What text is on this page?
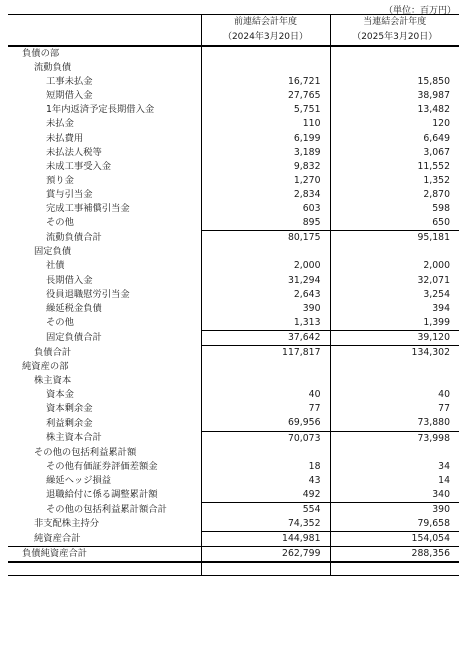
（単位：百万円）
	前連結会計年度	当連結会計年度
	（2024年3月20日）	（2025年3月20日）
負債の部		
流動負債		
工事未払金	16,721	15,850
短期借入金	27,765	38,987
1年内返済予定長期借入金	5,751	13,482
未払金	110	120
未払費用	6,199	6,649
未払法人税等	3,189	3,067
未成工事受入金	9,832	11,552
預り金	1,270	1,352
賞与引当金	2,834	2,870
完成工事補償引当金	603	598
その他	895	650
流動負債合計	80,175	95,181
固定負債		
社債	2,000	2,000
長期借入金	31,294	32,071
役員退職慰労引当金	2,643	3,254
繰延税金負債	390	394
その他	1,313	1,399
固定負債合計	37,642	39,120
負債合計	117,817	134,302
純資産の部		
株主資本		
資本金	40	40
資本剰余金	77	77
利益剰余金	69,956	73,880
株主資本合計	70,073	73,998
その他の包括利益累計額		
その他有価証券評価差額金	18	34
繰延ヘッジ損益	43	14
退職給付に係る調整累計額	492	340
その他の包括利益累計額合計	554	390
非支配株主持分	74,352	79,658
純資産合計	144,981	154,054
負債純資産合計	262,799	288,356
